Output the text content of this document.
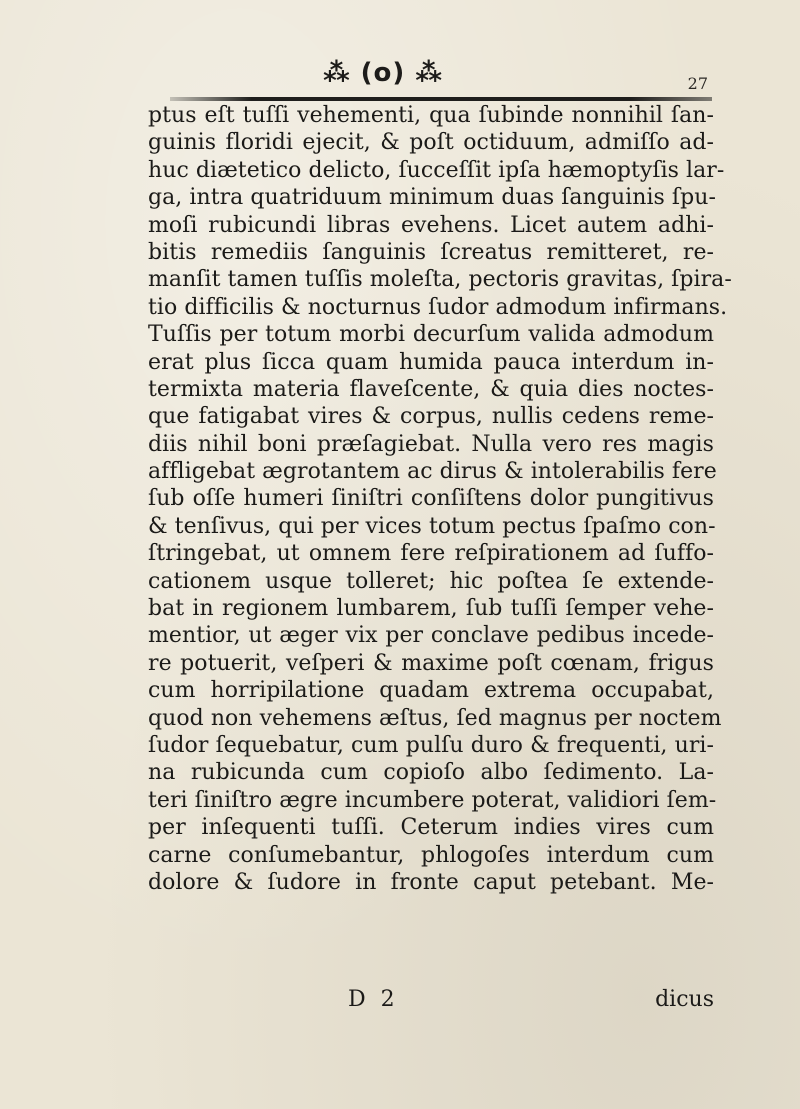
⁂ (o) ⁂	27
ptus eſt tuſſi vehementi, qua ſubinde nonnihil ſan-
guinis floridi ejecit, & poſt octiduum, admiſſo ad-
huc diætetico delicto, ſucceſſit ipſa hæmoptyſis lar-
ga, intra quatriduum minimum duas ſanguinis ſpu-
moſi rubicundi libras evehens. Licet autem adhi-
bitis remediis ſanguinis ſcreatus remitteret, re-
manſit tamen tuſſis moleſta, pectoris gravitas, ſpira-
tio difficilis & nocturnus ſudor admodum infirmans.
Tuſſis per totum morbi decurſum valida admodum
erat plus ſicca quam humida pauca interdum in-
termixta materia flaveſcente, & quia dies noctes-
que fatigabat vires & corpus, nullis cedens reme-
diis nihil boni præſagiebat. Nulla vero res magis
affligebat ægrotantem ac dirus & intolerabilis fere
ſub oſſe humeri ſiniſtri conſiſtens dolor pungitivus
& tenſivus, qui per vices totum pectus ſpaſmo con-
ſtringebat, ut omnem fere reſpirationem ad ſuffo-
cationem usque tolleret; hic poſtea ſe extende-
bat in regionem lumbarem, ſub tuſſi ſemper vehe-
mentior, ut æger vix per conclave pedibus incede-
re potuerit, veſperi & maxime poſt cœnam, frigus
cum horripilatione quadam extrema occupabat,
quod non vehemens æſtus, ſed magnus per noctem
ſudor ſequebatur, cum pulſu duro & frequenti, uri-
na rubicunda cum copioſo albo ſedimento. La-
teri ſiniſtro ægre incumbere poterat, validiori ſem-
per inſequenti tuſſi. Ceterum indies vires cum
carne conſumebantur, phlogoſes interdum cum
dolore & ſudore in fronte caput petebant. Me-
D 2	dicus
